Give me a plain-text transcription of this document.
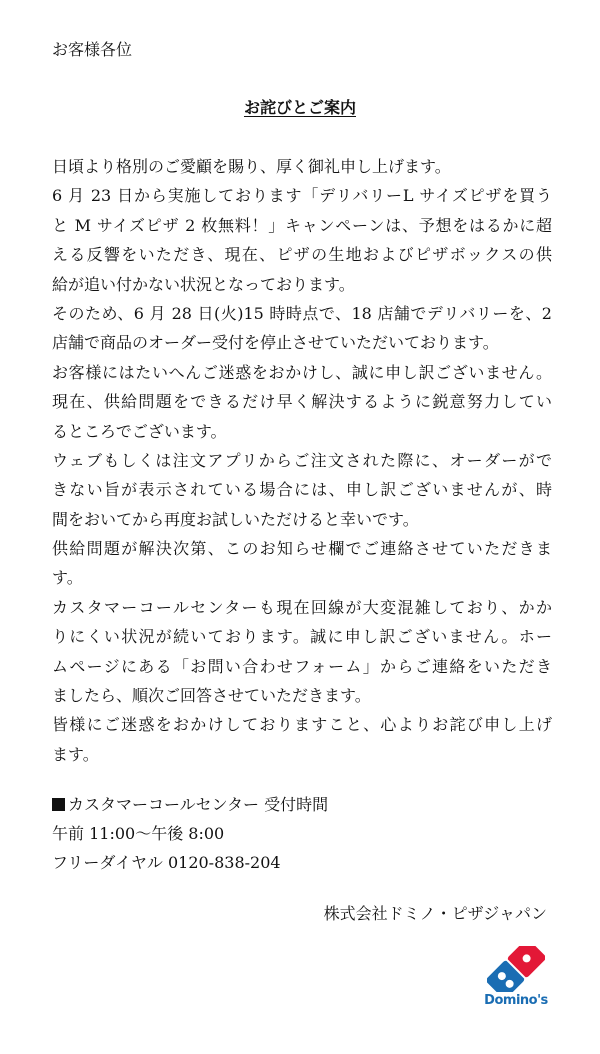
お客様各位
お詫びとご案内
日頃より格別のご愛顧を賜り、厚く御礼申し上げます。
6 月 23 日から実施しております「デリバリーL サイズピザを買う
と M サイズピザ 2 枚無料！」キャンペーンは、予想をはるかに超
える反響をいただき、現在、ピザの生地およびピザボックスの供
給が追い付かない状況となっております。
そのため、6 月 28 日(火)15 時時点で、18 店舗でデリバリーを、2
店舗で商品のオーダー受付を停止させていただいております。
お客様にはたいへんご迷惑をおかけし、誠に申し訳ございません。
現在、供給問題をできるだけ早く解決するように鋭意努力してい
るところでございます。
ウェブもしくは注文アプリからご注文された際に、オーダーがで
きない旨が表示されている場合には、申し訳ございませんが、時
間をおいてから再度お試しいただけると幸いです。
供給問題が解決次第、このお知らせ欄でご連絡させていただきま
す。
カスタマーコールセンターも現在回線が大変混雑しており、かか
りにくい状況が続いております。誠に申し訳ございません。ホー
ムページにある「お問い合わせフォーム」からご連絡をいただき
ましたら、順次ご回答させていただきます。
皆様にご迷惑をおかけしておりますこと、心よりお詫び申し上げ
ます。
カスタマーコールセンター 受付時間
午前 11:00～午後 8:00
フリーダイヤル 0120-838-204
株式会社ドミノ・ピザジャパン
Domino's
